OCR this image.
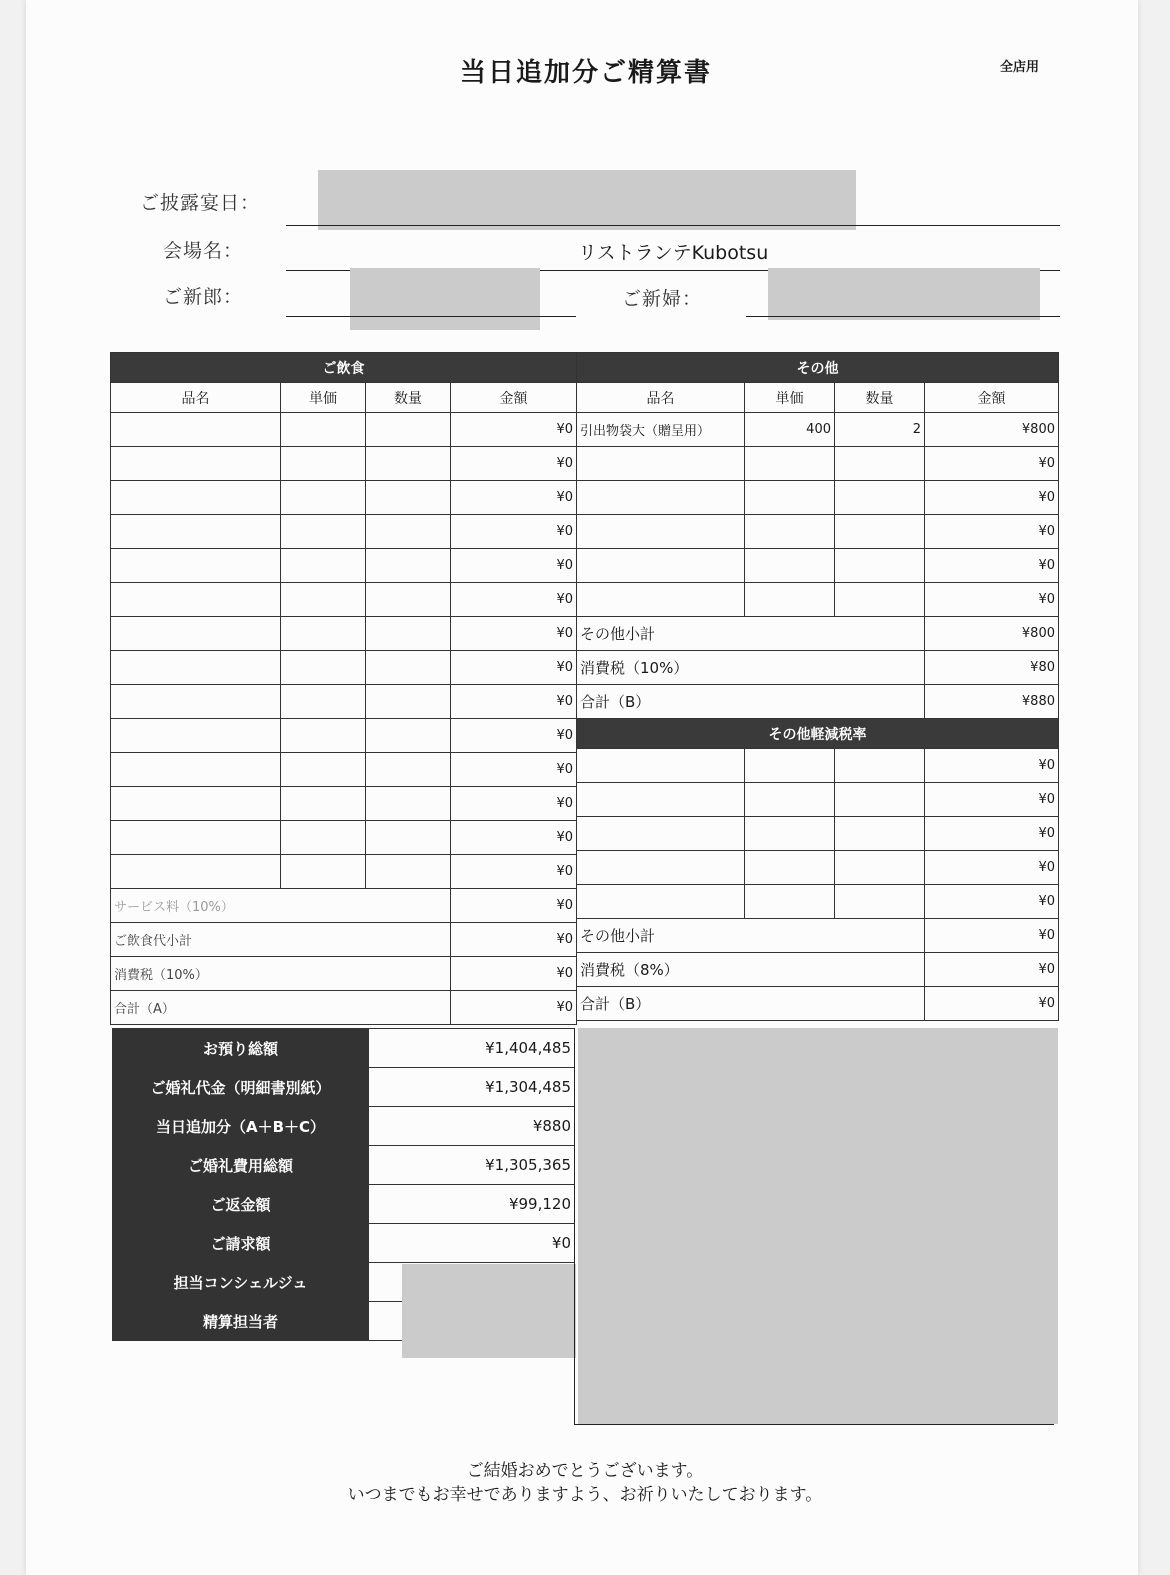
当日追加分ご精算書	全店用
ご披露宴日：
会場名：	リストランテKubotsu
ご新郎：	ご新婦：
ご飲食			
品名	単価	数量	金額
			¥0
			¥0
			¥0
			¥0
			¥0
			¥0
			¥0
			¥0
			¥0
			¥0
			¥0
			¥0
			¥0
			¥0
サービス料（10%）			¥0
ご飲食代小計			¥0
消費税（10%）			¥0
合計（A）			¥0
その他			
品名	単価	数量	金額
引出物袋大（贈呈用）	400	2	¥800
			¥0
			¥0
			¥0
			¥0
			¥0
その他小計			¥800
消費税（10%）			¥80
合計（B）			¥880
その他軽減税率			
			¥0
			¥0
			¥0
			¥0
			¥0
その他小計			¥0
消費税（8%）			¥0
合計（B）			¥0
お預り総額	¥1,404,485
ご婚礼代金（明細書別紙）	¥1,304,485
当日追加分（A＋B＋C）	¥880
ご婚礼費用総額	¥1,305,365
ご返金額	¥99,120
ご請求額	¥0
担当コンシェルジュ	
精算担当者	
ご結婚おめでとうございます。
いつまでもお幸せでありますよう、お祈りいたしております。
